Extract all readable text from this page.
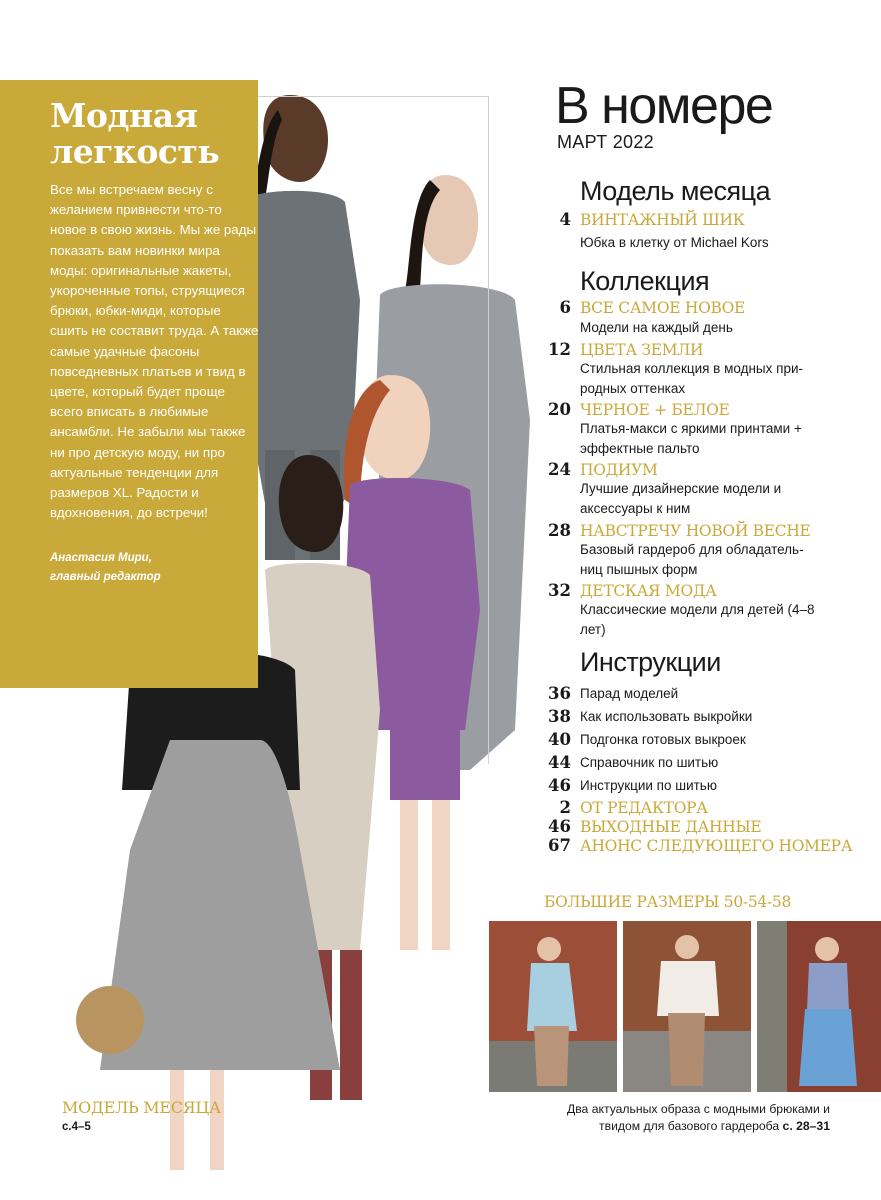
Модная легкость
Все мы встречаем весну с желанием привнести что-то новое в свою жизнь. Мы же рады показать вам новинки мира моды: оригинальные жакеты, укороченные топы, струящиеся брюки, юбки-миди, которые сшить не составит труда. А также самые удачные фасоны повседневных платьев и твид в цвете, который будет проще всего вписать в любимые ансамбли. Не забыли мы также ни про детскую моду, ни про актуальные тенденции для размеров XL. Радости и вдохновения, до встречи!
Анастасия Мири, главный редактор
МОДЕЛЬ МЕСЯЦА
с.4–5
В номере
МАРТ 2022
Модель месяца
4 ВИНТАЖНЫЙ ШИК
Юбка в клетку от Michael Kors
Коллекция
6 ВСЕ САМОЕ НОВОЕ
Модели на каждый день
12 ЦВЕТА ЗЕМЛИ
Стильная коллекция в модных при-родных оттенках
20 ЧЕРНОЕ + БЕЛОЕ
Платья-макси с яркими принтами + эффектные пальто
24 ПОДИУМ
Лучшие дизайнерские модели и аксессуары к ним
28 НАВСТРЕЧУ НОВОЙ ВЕСНЕ
Базовый гардероб для обладатель-ниц пышных форм
32 ДЕТСКАЯ МОДА
Классические модели для детей (4–8 лет)
Инструкции
36 Парад моделей
38 Как использовать выкройки
40 Подгонка готовых выкроек
44 Справочник по шитью
46 Инструкции по шитью
2 ОТ РЕДАКТОРА
46 ВЫХОДНЫЕ ДАННЫЕ
67 АНОНС СЛЕДУЮЩЕГО НОМЕРА
БОЛЬШИЕ РАЗМЕРЫ 50-54-58
Два актуальных образа с модными брюками и твидом для базового гардероба с. 28–31
